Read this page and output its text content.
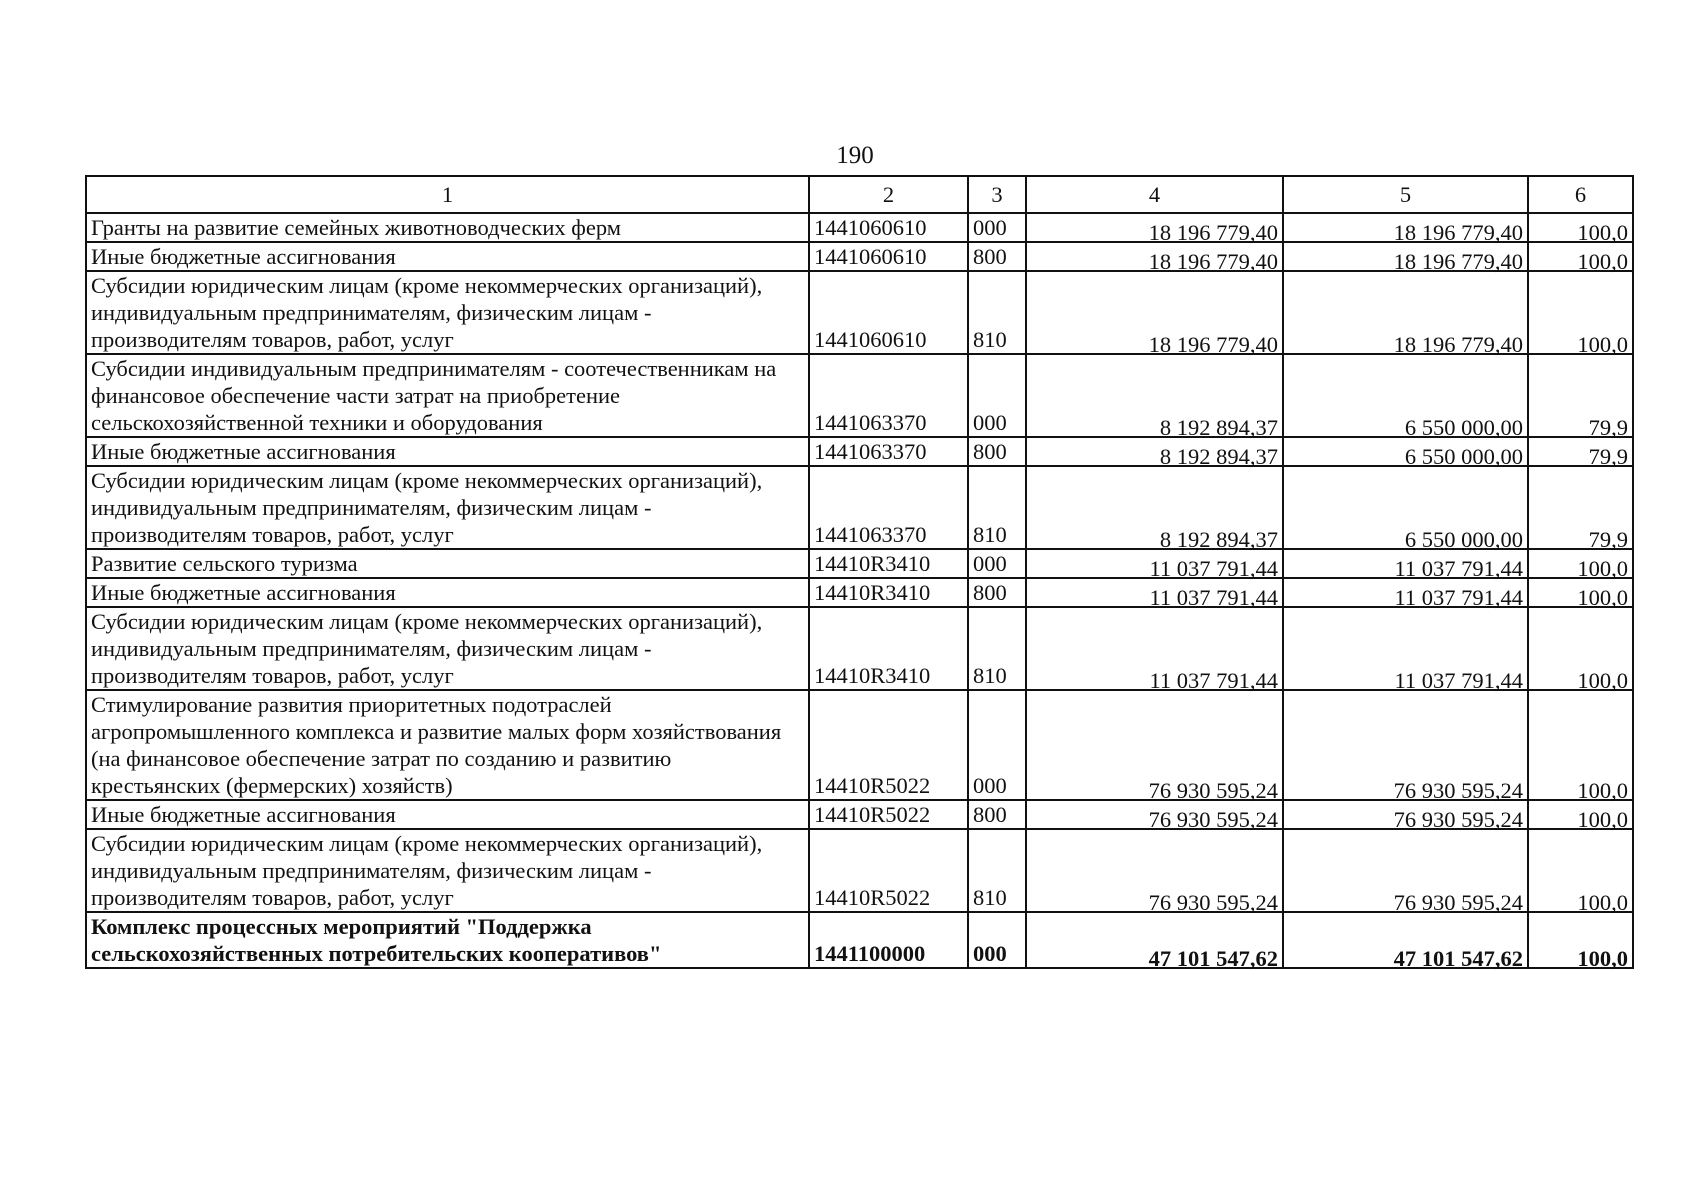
190
1	2	3	4	5	6
Гранты на развитие семейных животноводческих ферм	1441060610	000	18 196 779,40	18 196 779,40	100,0
Иные бюджетные ассигнования	1441060610	800	18 196 779,40	18 196 779,40	100,0
Субсидии юридическим лицам (кроме некоммерческих организаций), индивидуальным предпринимателям, физическим лицам - производителям товаров, работ, услуг	1441060610	810	18 196 779,40	18 196 779,40	100,0
Субсидии индивидуальным предпринимателям - соотечественникам на финансовое обеспечение части затрат на приобретение сельскохозяйственной техники и оборудования	1441063370	000	8 192 894,37	6 550 000,00	79,9
Иные бюджетные ассигнования	1441063370	800	8 192 894,37	6 550 000,00	79,9
Субсидии юридическим лицам (кроме некоммерческих организаций), индивидуальным предпринимателям, физическим лицам - производителям товаров, работ, услуг	1441063370	810	8 192 894,37	6 550 000,00	79,9
Развитие сельского туризма	14410R3410	000	11 037 791,44	11 037 791,44	100,0
Иные бюджетные ассигнования	14410R3410	800	11 037 791,44	11 037 791,44	100,0
Субсидии юридическим лицам (кроме некоммерческих организаций), индивидуальным предпринимателям, физическим лицам - производителям товаров, работ, услуг	14410R3410	810	11 037 791,44	11 037 791,44	100,0
Стимулирование развития приоритетных подотраслей агропромышленного комплекса и развитие малых форм хозяйствования (на финансовое обеспечение затрат по созданию и развитию крестьянских (фермерских) хозяйств)	14410R5022	000	76 930 595,24	76 930 595,24	100,0
Иные бюджетные ассигнования	14410R5022	800	76 930 595,24	76 930 595,24	100,0
Субсидии юридическим лицам (кроме некоммерческих организаций), индивидуальным предпринимателям, физическим лицам - производителям товаров, работ, услуг	14410R5022	810	76 930 595,24	76 930 595,24	100,0
Комплекс процессных мероприятий "Поддержка сельскохозяйственных потребительских кооперативов"	1441100000	000	47 101 547,62	47 101 547,62	100,0
